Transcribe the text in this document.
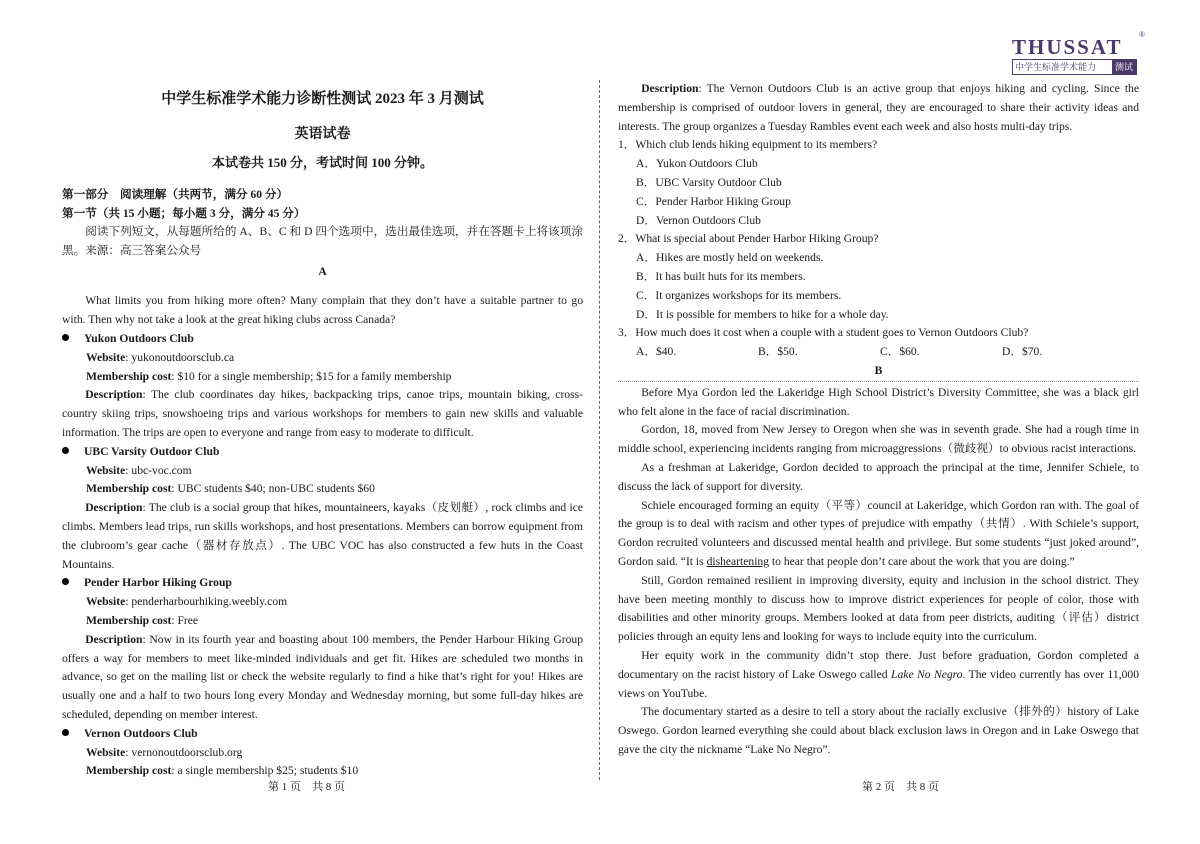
THUSSAT
®
中学生标准学术能力	测试
中学生标准学术能力诊断性测试 2023 年 3 月测试
英语试卷
本试卷共 150 分，考试时间 100 分钟。
第一部分　阅读理解（共两节，满分 60 分）
第一节（共 15 小题；每小题 3 分，满分 45 分）

阅读下列短文，从每题所给的 A、B、C 和 D 四个选项中，选出最佳选项，并在答题卡上将该项涂黑。来源：高三答案公众号

A

What limits you from hiking more often? Many complain that they don’t have a suitable partner to go with. Then why not take a look at the great hiking clubs across Canada?

Yukon Outdoors Club
Website: yukonoutdoorsclub.ca
Membership cost: $10 for a single membership; $15 for a family membership

Description: The club coordinates day hikes, backpacking trips, canoe trips, mountain biking, cross-country skiing trips, snowshoeing trips and various workshops for members to gain new skills and valuable information. The trips are open to everyone and range from easy to moderate to difficult.

UBC Varsity Outdoor Club
Website: ubc-voc.com
Membership cost: UBC students $40; non-UBC students $60

Description: The club is a social group that hikes, mountaineers, kayaks（皮划艇）, rock climbs and ice climbs. Members lead trips, run skills workshops, and host presentations. Members can borrow equipment from the clubroom’s gear cache（器材存放点）. The UBC VOC has also constructed a few huts in the Coast Mountains.

Pender Harbor Hiking Group
Website: penderharbourhiking.weebly.com
Membership cost: Free

Description: Now in its fourth year and boasting about 100 members, the Pender Harbour Hiking Group offers a way for members to meet like-minded individuals and get fit. Hikes are scheduled two months in advance, so get on the mailing list or check the website regularly to find a hike that’s right for you! Hikes are usually one and a half to two hours long every Monday and Wednesday morning, but some full-day hikes are scheduled, depending on member interest.

Vernon Outdoors Club
Website: vernonoutdoorsclub.org
Membership cost: a single membership $25; students $10
第 1 页　共 8 页

Description: The Vernon Outdoors Club is an active group that enjoys hiking and cycling. Since the membership is comprised of outdoor lovers in general, they are encouraged to share their activity ideas and interests. The group organizes a Tuesday Rambles event each week and also hosts multi-day trips.

1．Which club lends hiking equipment to its members?
A．Yukon Outdoors Club
B．UBC Varsity Outdoor Club
C．Pender Harbor Hiking Group
D．Vernon Outdoors Club
2．What is special about Pender Harbor Hiking Group?
A．Hikes are mostly held on weekends.
B．It has built huts for its members.
C．It organizes workshops for its members.
D．It is possible for members to hike for a whole day.
3．How much does it cost when a couple with a student goes to Vernon Outdoors Club?
A．$40.	B．$50.	C．$60.	D．$70.
B

Before Mya Gordon led the Lakeridge High School District’s Diversity Committee, she was a black girl who felt alone in the face of racial discrimination.

Gordon, 18, moved from New Jersey to Oregon when she was in seventh grade. She had a rough time in middle school, experiencing incidents ranging from microaggressions（微歧视）to obvious racist interactions.

As a freshman at Lakeridge, Gordon decided to approach the principal at the time, Jennifer Schiele, to discuss the lack of support for diversity.

Schiele encouraged forming an equity（平等）council at Lakeridge, which Gordon ran with. The goal of the group is to deal with racism and other types of prejudice with empathy（共情）. With Schiele’s support, Gordon recruited volunteers and discussed mental health and privilege. But some students “just joked around”, Gordon said. “It is disheartening to hear that people don’t care about the work that you are doing.”

Still, Gordon remained resilient in improving diversity, equity and inclusion in the school district. They have been meeting monthly to discuss how to improve district experiences for people of color, those with disabilities and other minority groups. Members looked at data from peer districts, auditing（评估）district policies through an equity lens and looking for ways to include equity into the curriculum.

Her equity work in the community didn’t stop there. Just before graduation, Gordon completed a documentary on the racist history of Lake Oswego called Lake No Negro. The video currently has over 11,000 views on YouTube.

The documentary started as a desire to tell a story about the racially exclusive（排外的）history of Lake Oswego. Gordon learned everything she could about black exclusion laws in Oregon and in Lake Oswego that gave the city the nickname “Lake No Negro”.

第 2 页　共 8 页
